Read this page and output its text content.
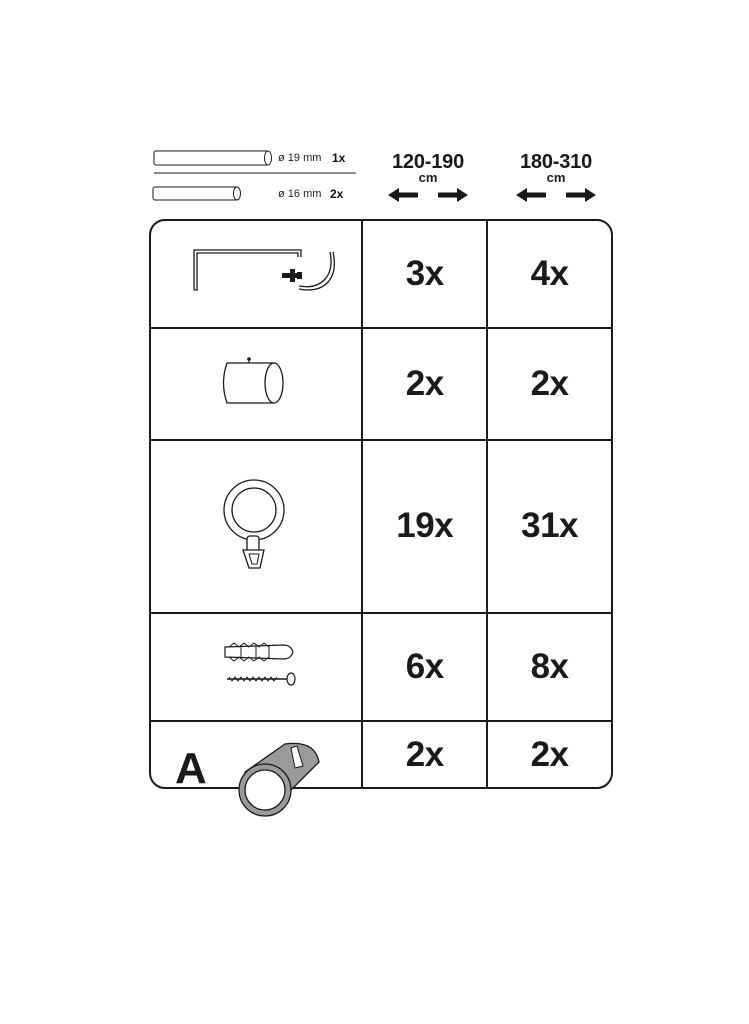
ø 19 mm 1x
ø 16 mm 2x
120-190
cm
180-310
cm
	3x	4x
	2x	2x
	19x	31x
	6x	8x

A	2x	2x
